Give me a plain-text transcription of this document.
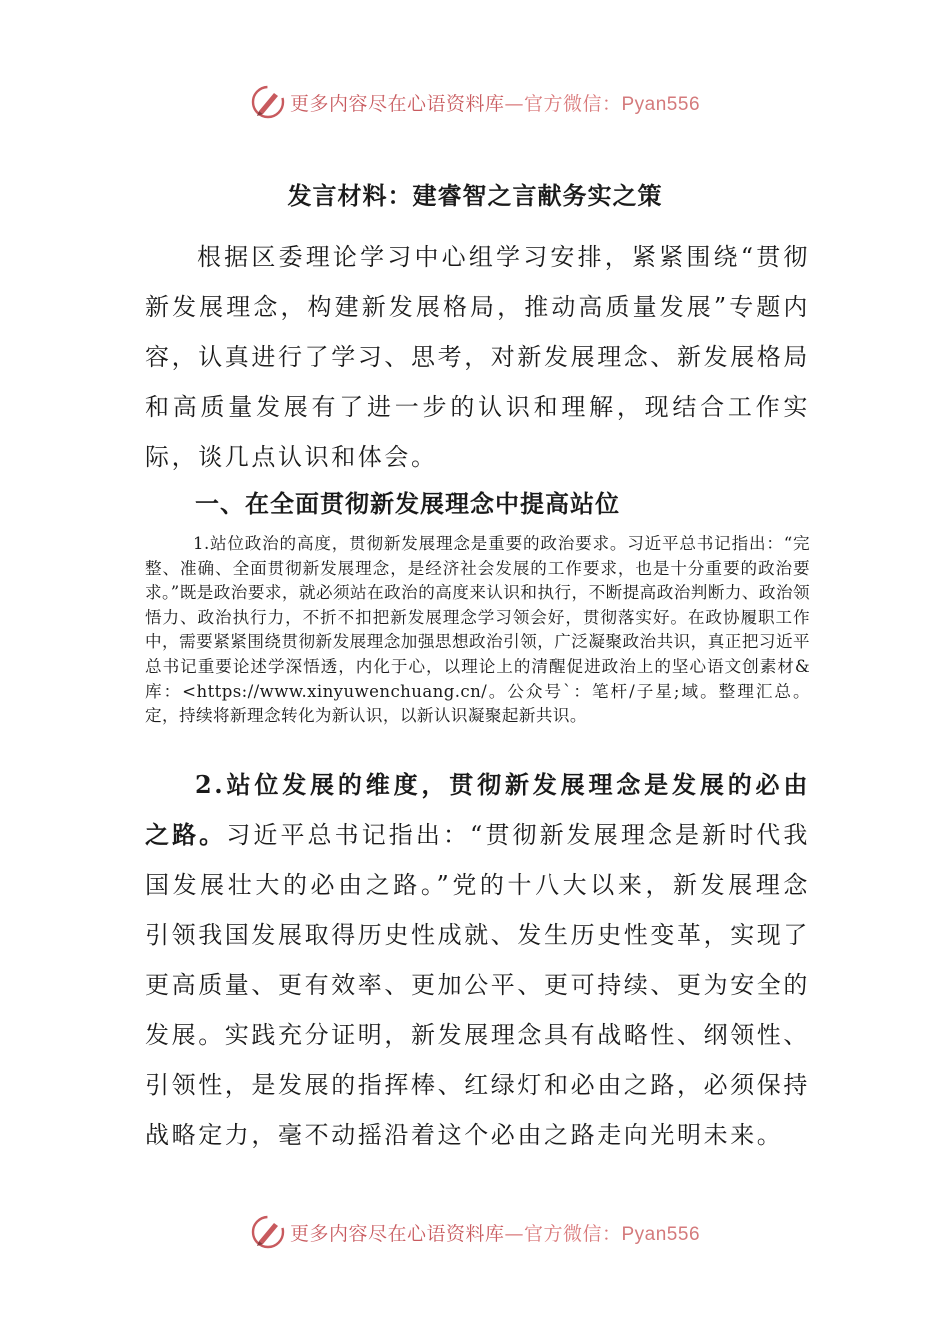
更多内容尽在心语资料库—官方微信：Pyan556
发言材料：建睿智之言献务实之策

根据区委理论学习中心组学习安排，紧紧围绕“贯彻新发展理念，构建新发展格局，推动高质量发展”专题内容，认真进行了学习、思考，对新发展理念、新发展格局和高质量发展有了进一步的认识和理解，现结合工作实际，谈几点认识和体会。

一、在全面贯彻新发展理念中提高站位

1.站位政治的高度，贯彻新发展理念是重要的政治要求。习近平总书记指出：“完整、准确、全面贯彻新发展理念，是经济社会发展的工作要求，也是十分重要的政治要求。”既是政治要求，就必须站在政治的高度来认识和执行，不断提高政治判断力、政治领悟力、政治执行力，不折不扣把新发展理念学习领会好，贯彻落实好。在政协履职工作中，需要紧紧围绕贯彻新发展理念加强思想政治引领，广泛凝聚政治共识，真正把习近平总书记重要论述学深悟透，内化于心，以理论上的清醒促进政治上的坚心语文创素材&库：<https://www.xinyuwenchuang.cn/。公众号`：笔杆/子星;域。整理汇总。定，持续将新理念转化为新认识，以新认识凝聚起新共识。

2.站位发展的维度，贯彻新发展理念是发展的必由之路。习近平总书记指出：“贯彻新发展理念是新时代我国发展壮大的必由之路。”党的十八大以来，新发展理念引领我国发展取得历史性成就、发生历史性变革，实现了更高质量、更有效率、更加公平、更可持续、更为安全的发展。实践充分证明，新发展理念具有战略性、纲领性、引领性，是发展的指挥棒、红绿灯和必由之路，必须保持战略定力，毫不动摇沿着这个必由之路走向光明未来。

更多内容尽在心语资料库—官方微信：Pyan556
